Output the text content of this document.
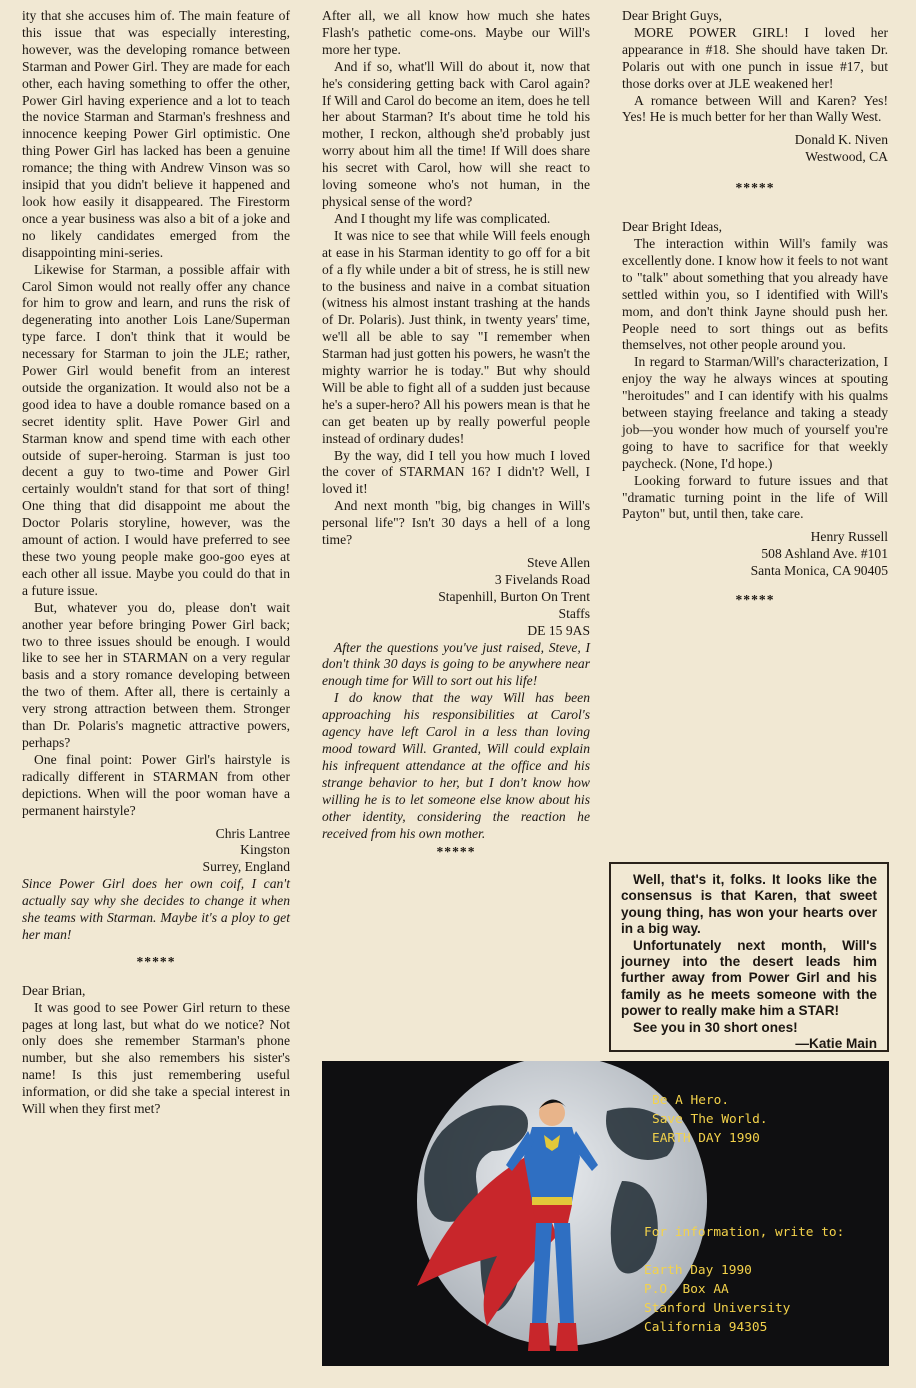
ity that she accuses him of. The main feature of this issue that was especially interesting, however, was the developing romance between Starman and Power Girl. They are made for each other, each having something to offer the other, Power Girl having experience and a lot to teach the novice Starman and Starman's freshness and innocence keeping Power Girl optimistic. One thing Power Girl has lacked has been a genuine romance; the thing with Andrew Vinson was so insipid that you didn't believe it happened and look how easily it disappeared. The Firestorm once a year business was also a bit of a joke and no likely candidates emerged from the disappointing mini-series.

Likewise for Starman, a possible affair with Carol Simon would not really offer any chance for him to grow and learn, and runs the risk of degenerating into another Lois Lane/Superman type farce. I don't think that it would be necessary for Starman to join the JLE; rather, Power Girl would benefit from an interest outside the organization. It would also not be a good idea to have a double romance based on a secret identity split. Have Power Girl and Starman know and spend time with each other outside of super-heroing. Starman is just too decent a guy to two-time and Power Girl certainly wouldn't stand for that sort of thing! One thing that did disappoint me about the Doctor Polaris storyline, however, was the amount of action. I would have preferred to see these two young people make goo-goo eyes at each other all issue. Maybe you could do that in a future issue.

But, whatever you do, please don't wait another year before bringing Power Girl back; two to three issues should be enough. I would like to see her in STARMAN on a very regular basis and a story romance developing between the two of them. After all, there is certainly a very strong attraction between them. Stronger than Dr. Polaris's magnetic attractive powers, perhaps?

One final point: Power Girl's hairstyle is radically different in STARMAN from other depictions. When will the poor woman have a permanent hairstyle?

Chris Lantree
Kingston
Surrey, England

Since Power Girl does her own coif, I can't actually say why she decides to change it when she teams with Starman. Maybe it's a ploy to get her man!

*****

Dear Brian,

It was good to see Power Girl return to these pages at long last, but what do we notice? Not only does she remember Starman's phone number, but she also remembers his sister's name! Is this just remembering useful information, or did she take a special interest in Will when they first met?

After all, we all know how much she hates Flash's pathetic come-ons. Maybe our Will's more her type.

And if so, what'll Will do about it, now that he's considering getting back with Carol again? If Will and Carol do become an item, does he tell her about Starman? It's about time he told his mother, I reckon, although she'd probably just worry about him all the time! If Will does share his secret with Carol, how will she react to loving someone who's not human, in the physical sense of the word?

And I thought my life was complicated.

It was nice to see that while Will feels enough at ease in his Starman identity to go off for a bit of a fly while under a bit of stress, he is still new to the business and naive in a combat situation (witness his almost instant trashing at the hands of Dr. Polaris). Just think, in twenty years' time, we'll all be able to say "I remember when Starman had just gotten his powers, he wasn't the mighty warrior he is today." But why should Will be able to fight all of a sudden just because he's a super-hero? All his powers mean is that he can get beaten up by really powerful people instead of ordinary dudes!

By the way, did I tell you how much I loved the cover of STARMAN 16? I didn't? Well, I loved it!

And next month "big, big changes in Will's personal life"? Isn't 30 days a hell of a long time?

Steve Allen
3 Fivelands Road
Stapenhill, Burton On Trent
Staffs
DE 15 9AS

After the questions you've just raised, Steve, I don't think 30 days is going to be anywhere near enough time for Will to sort out his life!

I do know that the way Will has been approaching his responsibilities at Carol's agency have left Carol in a less than loving mood toward Will. Granted, Will could explain his infrequent attendance at the office and his strange behavior to her, but I don't know how willing he is to let someone else know about his other identity, considering the reaction he received from his own mother.

*****

Dear Bright Guys,

MORE POWER GIRL! I loved her appearance in #18. She should have taken Dr. Polaris out with one punch in issue #17, but those dorks over at JLE weakened her!

A romance between Will and Karen? Yes! Yes! He is much better for her than Wally West.

Donald K. Niven
Westwood, CA
*****

Dear Bright Ideas,

The interaction within Will's family was excellently done. I know how it feels to not want to "talk" about something that you already have settled within you, so I identified with Will's mom, and don't think Jayne should push her. People need to sort things out as befits themselves, not other people around you.

In regard to Starman/Will's characterization, I enjoy the way he always winces at spouting "heroitudes" and I can identify with his qualms between staying freelance and taking a steady job—you wonder how much of yourself you're going to have to sacrifice for that weekly paycheck. (None, I'd hope.)

Looking forward to future issues and that "dramatic turning point in the life of Will Payton" but, until then, take care.

Henry Russell
508 Ashland Ave. #101
Santa Monica, CA 90405
*****

Well, that's it, folks. It looks like the consensus is that Karen, that sweet young thing, has won your hearts over in a big way.

Unfortunately next month, Will's journey into the desert leads him further away from Power Girl and his family as he meets someone with the power to really make him a STAR!

See you in 30 short ones!

—Katie Main
Be A Hero.
Save The World.
EARTH DAY 1990
For information, write to:
Earth Day 1990
P.O. Box AA
Stanford University
California 94305
